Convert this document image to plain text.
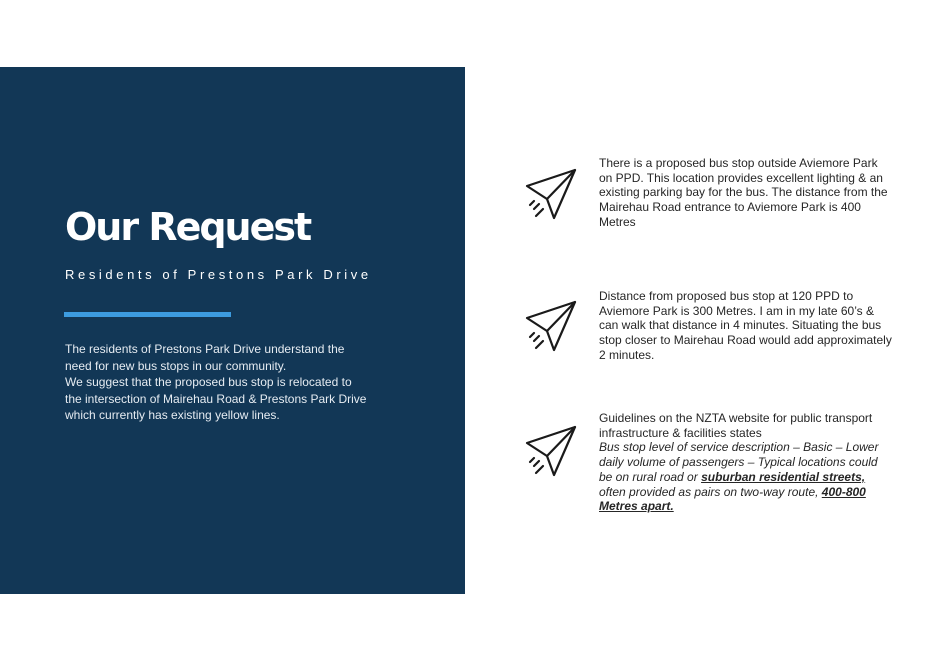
Our Request
Residents of Prestons Park Drive

The residents of Prestons Park Drive understand the need for new bus stops in our community.

We suggest that the proposed bus stop is relocated to the intersection of Mairehau Road & Prestons Park Drive which currently has existing yellow lines.

There is a proposed bus stop outside Aviemore Park on PPD. This location provides excellent lighting & an existing parking bay for the bus. The distance from the Mairehau Road entrance to Aviemore Park is 400 Metres

Distance from proposed bus stop at 120 PPD to Aviemore Park is 300 Metres. I am in my late 60’s & can walk that distance in 4 minutes. Situating the bus stop closer to Mairehau Road would add approximately 2 minutes.

Guidelines on the NZTA website for public transport infrastructure & facilities states

Bus stop level of service description – Basic – Lower daily volume of passengers – Typical locations could be on rural road or suburban residential streets, often provided as pairs on two-way route, 400-800 Metres apart.
